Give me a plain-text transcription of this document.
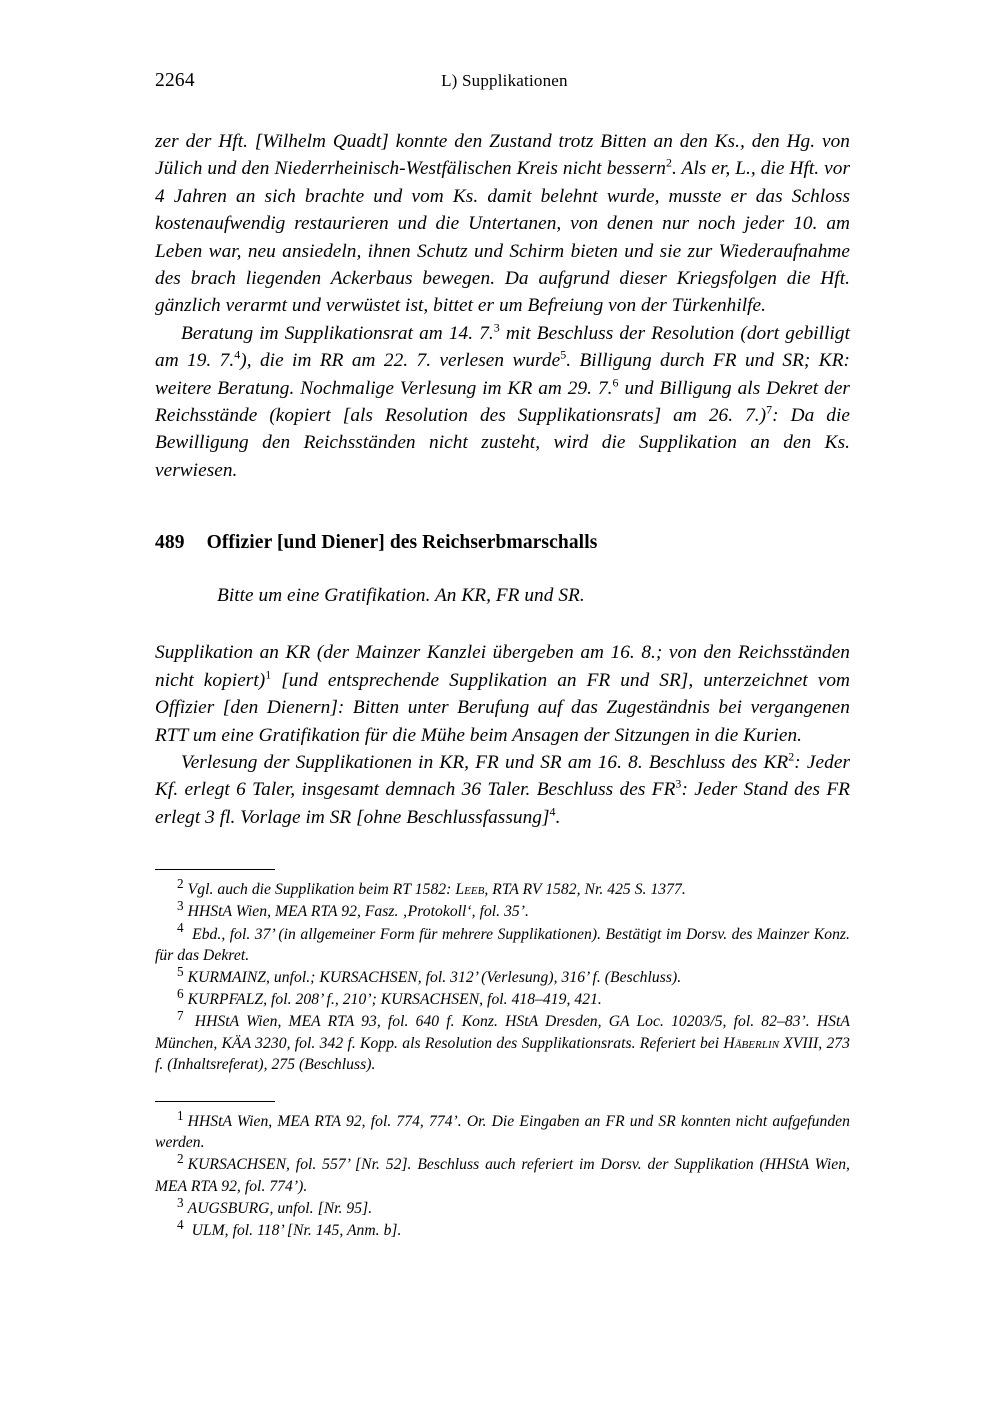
2264	L) Supplikationen

zer der Hft. [Wilhelm Quadt] konnte den Zustand trotz Bitten an den Ks., den Hg. von Jülich und den Niederrheinisch-Westfälischen Kreis nicht bessern$^2$. Als er, L., die Hft. vor 4 Jahren an sich brachte und vom Ks. damit belehnt wurde, musste er das Schloss kostenaufwendig restaurieren und die Untertanen, von denen nur noch jeder 10. am Leben war, neu ansiedeln, ihnen Schutz und Schirm bieten und sie zur Wiederaufnahme des brach liegenden Ackerbaus bewegen. Da aufgrund dieser Kriegsfolgen die Hft. gänzlich verarmt und verwüstet ist, bittet er um Befreiung von der Türkenhilfe.

Beratung im Supplikationsrat am 14. 7.$^3$ mit Beschluss der Resolution (dort gebilligt am 19. 7.$^4$), die im RR am 22. 7. verlesen wurde$^5$. Billigung durch FR und SR; KR: weitere Beratung. Nochmalige Verlesung im KR am 29. 7.$^6$ und Billigung als Dekret der Reichsstände (kopiert [als Resolution des Supplikationsrats] am 26. 7.)$^7$: Da die Bewilligung den Reichsständen nicht zusteht, wird die Supplikation an den Ks. verwiesen.

489 Offizier [und Diener] des Reichserbmarschalls

Bitte um eine Gratifikation. An KR, FR und SR.

Supplikation an KR (der Mainzer Kanzlei übergeben am 16. 8.; von den Reichsständen nicht kopiert)$^1$ [und entsprechende Supplikation an FR und SR], unterzeichnet vom Offizier [den Dienern]: Bitten unter Berufung auf das Zugeständnis bei vergangenen RTT um eine Gratifikation für die Mühe beim Ansagen der Sitzungen in die Kurien.

Verlesung der Supplikationen in KR, FR und SR am 16. 8. Beschluss des $KR^2$: Jeder Kf. erlegt 6 Taler, insgesamt demnach 36 Taler. Beschluss des $FR^3$: Jeder Stand des FR erlegt 3 fl. Vorlage im SR [ohne Beschlussfassung]$^4$.

$^2$ Vgl. auch die Supplikation beim RT 1582: Leeb, RTA RV 1582, Nr. 425 S. 1377.

$^3$ HHStA Wien, MEA RTA 92, Fasz. ‚Protokoll‘, fol. 35’.

$^4$ Ebd., fol. 37’ (in allgemeiner Form für mehrere Supplikationen). Bestätigt im Dorsv. des Mainzer Konz. für das Dekret.

$^5$ KURMAINZ, unfol.; KURSACHSEN, fol. 312’ (Verlesung), 316’ f. (Beschluss).

$^6$ KURPFALZ, fol. 208’ f., 210’; KURSACHSEN, fol. 418–419, 421.

$^7$ HHStA Wien, MEA RTA 93, fol. 640 f. Konz. HStA Dresden, GA Loc. 10203/5, fol. 82–83’. HStA München, KÄA 3230, fol. 342 f. Kopp. als Resolution des Supplikationsrats. Referiert bei Häberlin XVIII, 273 f. (Inhaltsreferat), 275 (Beschluss).

$^1$ HHStA Wien, MEA RTA 92, fol. 774, 774’. Or. Die Eingaben an FR und SR konnten nicht aufgefunden werden.

$^2$ KURSACHSEN, fol. 557’ [Nr. 52]. Beschluss auch referiert im Dorsv. der Supplikation (HHStA Wien, MEA RTA 92, fol. 774’).

$^3$ AUGSBURG, unfol. [Nr. 95].

$^4$ ULM, fol. 118’ [Nr. 145, Anm. b].
